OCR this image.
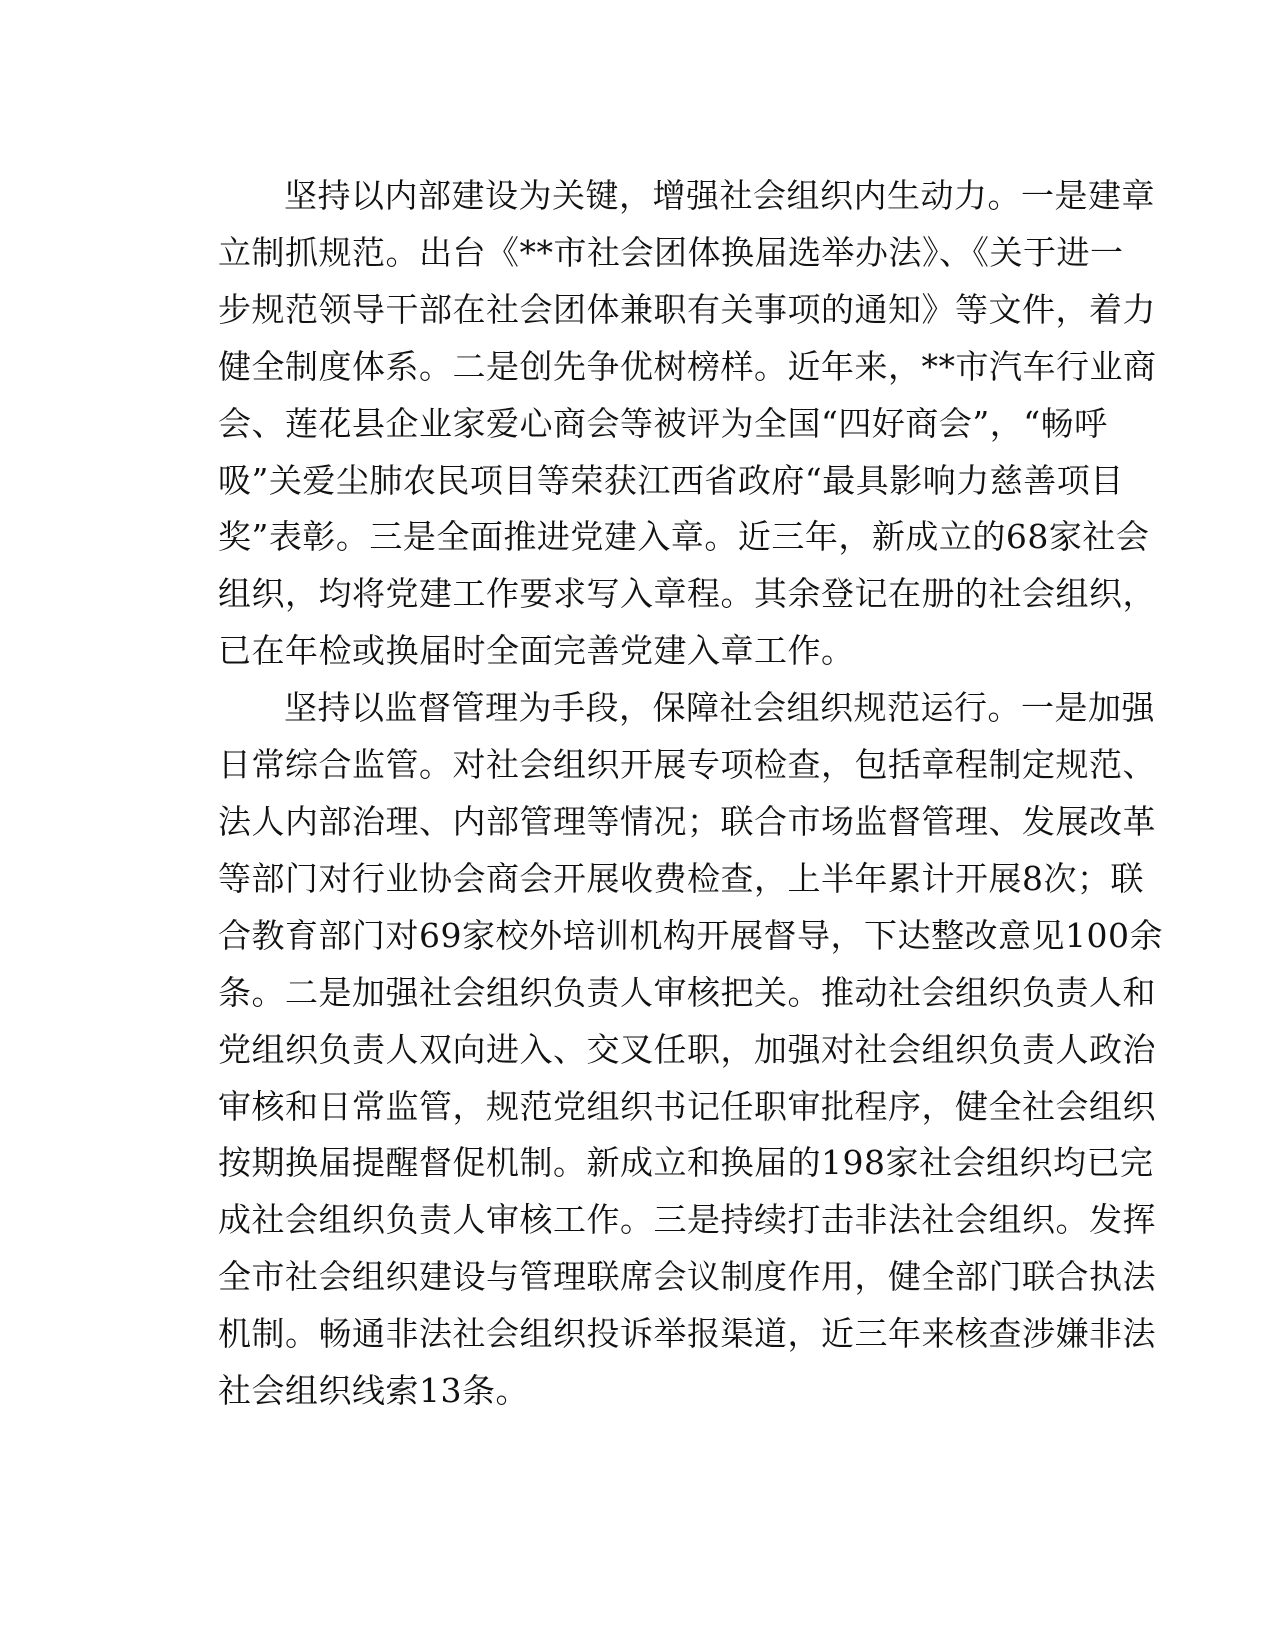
坚持以内部建设为关键，增强社会组织内生动力。一是建章
立制抓规范。出台《**市社会团体换届选举办法》、《关于进一
步规范领导干部在社会团体兼职有关事项的通知》等文件，着力
健全制度体系。二是创先争优树榜样。近年来，**市汽车行业商
会、莲花县企业家爱心商会等被评为全国“四好商会”，“畅呼
吸”关爱尘肺农民项目等荣获江西省政府“最具影响力慈善项目
奖”表彰。三是全面推进党建入章。近三年，新成立的68家社会
组织，均将党建工作要求写入章程。其余登记在册的社会组织，
已在年检或换届时全面完善党建入章工作。
坚持以监督管理为手段，保障社会组织规范运行。一是加强
日常综合监管。对社会组织开展专项检查，包括章程制定规范、
法人内部治理、内部管理等情况；联合市场监督管理、发展改革
等部门对行业协会商会开展收费检查，上半年累计开展8次；联
合教育部门对69家校外培训机构开展督导，下达整改意见100余
条。二是加强社会组织负责人审核把关。推动社会组织负责人和
党组织负责人双向进入、交叉任职，加强对社会组织负责人政治
审核和日常监管，规范党组织书记任职审批程序，健全社会组织
按期换届提醒督促机制。新成立和换届的198家社会组织均已完
成社会组织负责人审核工作。三是持续打击非法社会组织。发挥
全市社会组织建设与管理联席会议制度作用，健全部门联合执法
机制。畅通非法社会组织投诉举报渠道，近三年来核查涉嫌非法
社会组织线索13条。
